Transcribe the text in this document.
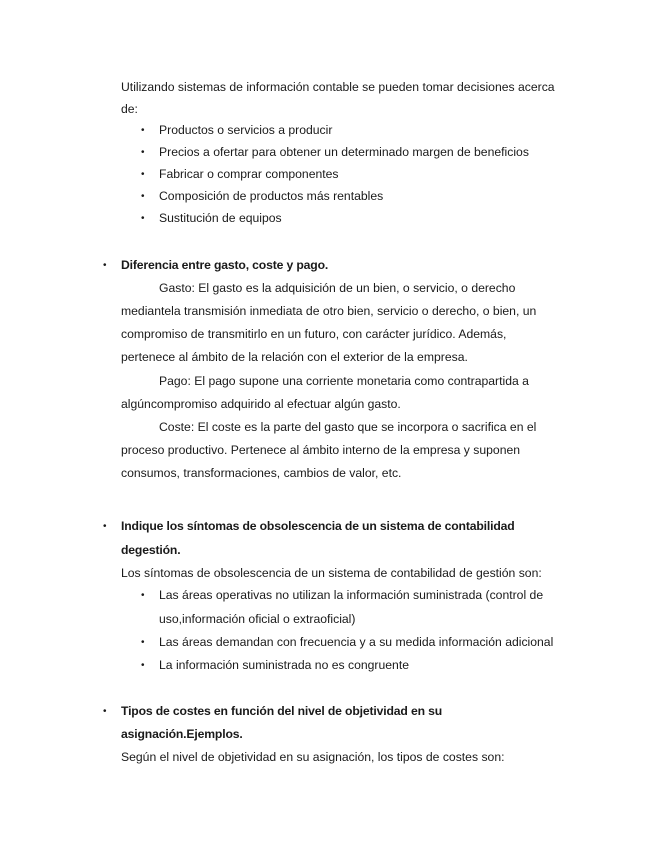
Utilizando sistemas de información contable se pueden tomar decisiones acerca
de:
• Productos o servicios a producir
• Precios a ofertar para obtener un determinado margen de beneficios
• Fabricar o comprar componentes
• Composición de productos más rentables
• Sustitución de equipos
• Diferencia entre gasto, coste y pago.
Gasto: El gasto es la adquisición de un bien, o servicio, o derecho
mediantela transmisión inmediata de otro bien, servicio o derecho, o bien, un
compromiso de transmitirlo en un futuro, con carácter jurídico. Además,
pertenece al ámbito de la relación con el exterior de la empresa.
Pago: El pago supone una corriente monetaria como contrapartida a
algúncompromiso adquirido al efectuar algún gasto.
Coste: El coste es la parte del gasto que se incorpora o sacrifica en el
proceso productivo. Pertenece al ámbito interno de la empresa y suponen
consumos, transformaciones, cambios de valor, etc.
• Indique los síntomas de obsolescencia de un sistema de contabilidad
degestión.
Los síntomas de obsolescencia de un sistema de contabilidad de gestión son:
• Las áreas operativas no utilizan la información suministrada (control de
uso,información oficial o extraoficial)
• Las áreas demandan con frecuencia y a su medida información adicional
• La información suministrada no es congruente
• Tipos de costes en función del nivel de objetividad en su
asignación.Ejemplos.
Según el nivel de objetividad en su asignación, los tipos de costes son:
